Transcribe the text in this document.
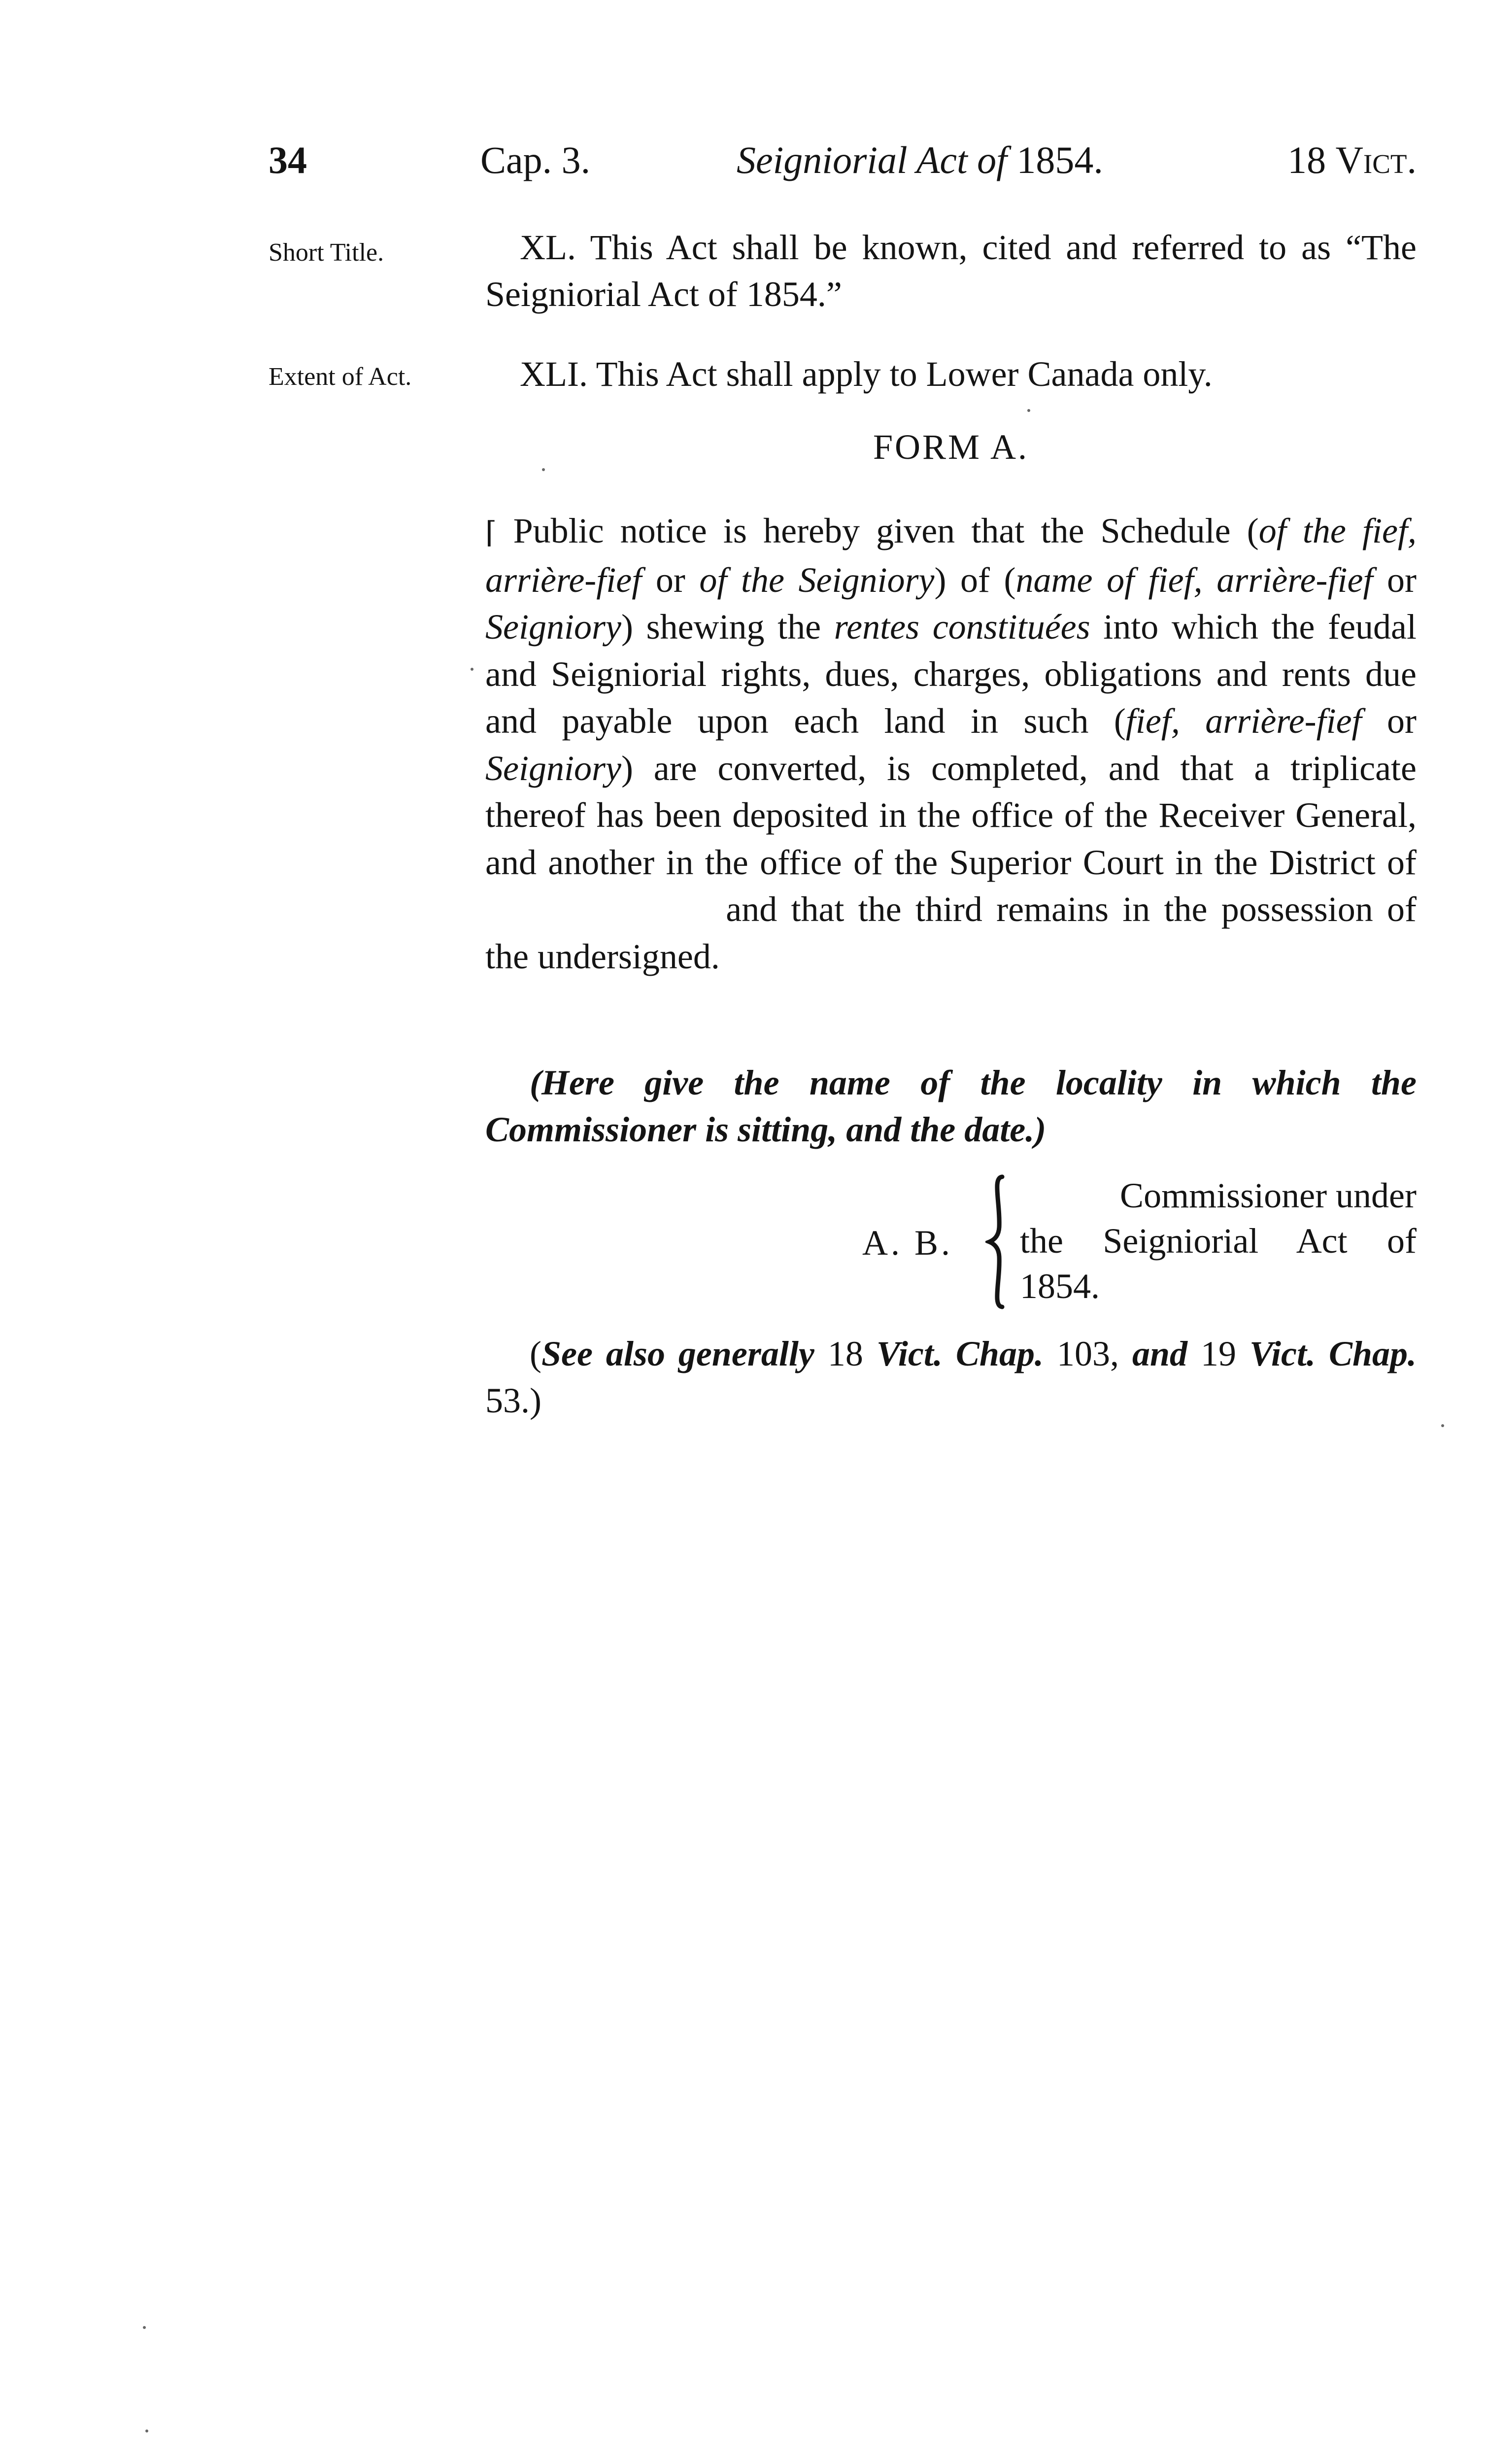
34	Cap. 3.	Seigniorial Act of 1854.	18 Vict.
Short Title.	XL. This Act shall be known, cited and referred to as “The Seigniorial Act of 1854.”
Extent of Act.	XLI. This Act shall apply to Lower Canada only.
FORM A.
⌈ Public notice is hereby given that the Schedule (of the fief, arrière-fief or of the Seigniory) of (name of fief, arrière-fief or Seigniory) shewing the rentes constituées into which the feudal and Seigniorial rights, dues, charges, obligations and rents due and payable upon each land in such (fief, arrière-fief or Seigniory) are converted, is completed, and that a triplicate thereof has been deposited in the office of the Receiver General, and another in the office of the Superior Court in the District of  and that the third remains in the possession of the undersigned.
(Here give the name of the locality in which the Commissioner is sitting, and the date.)
A. B.
Commissioner under
the Seigniorial Act of
1854.
(See also generally 18 Vict. Chap. 103, and 19 Vict. Chap. 53.)
